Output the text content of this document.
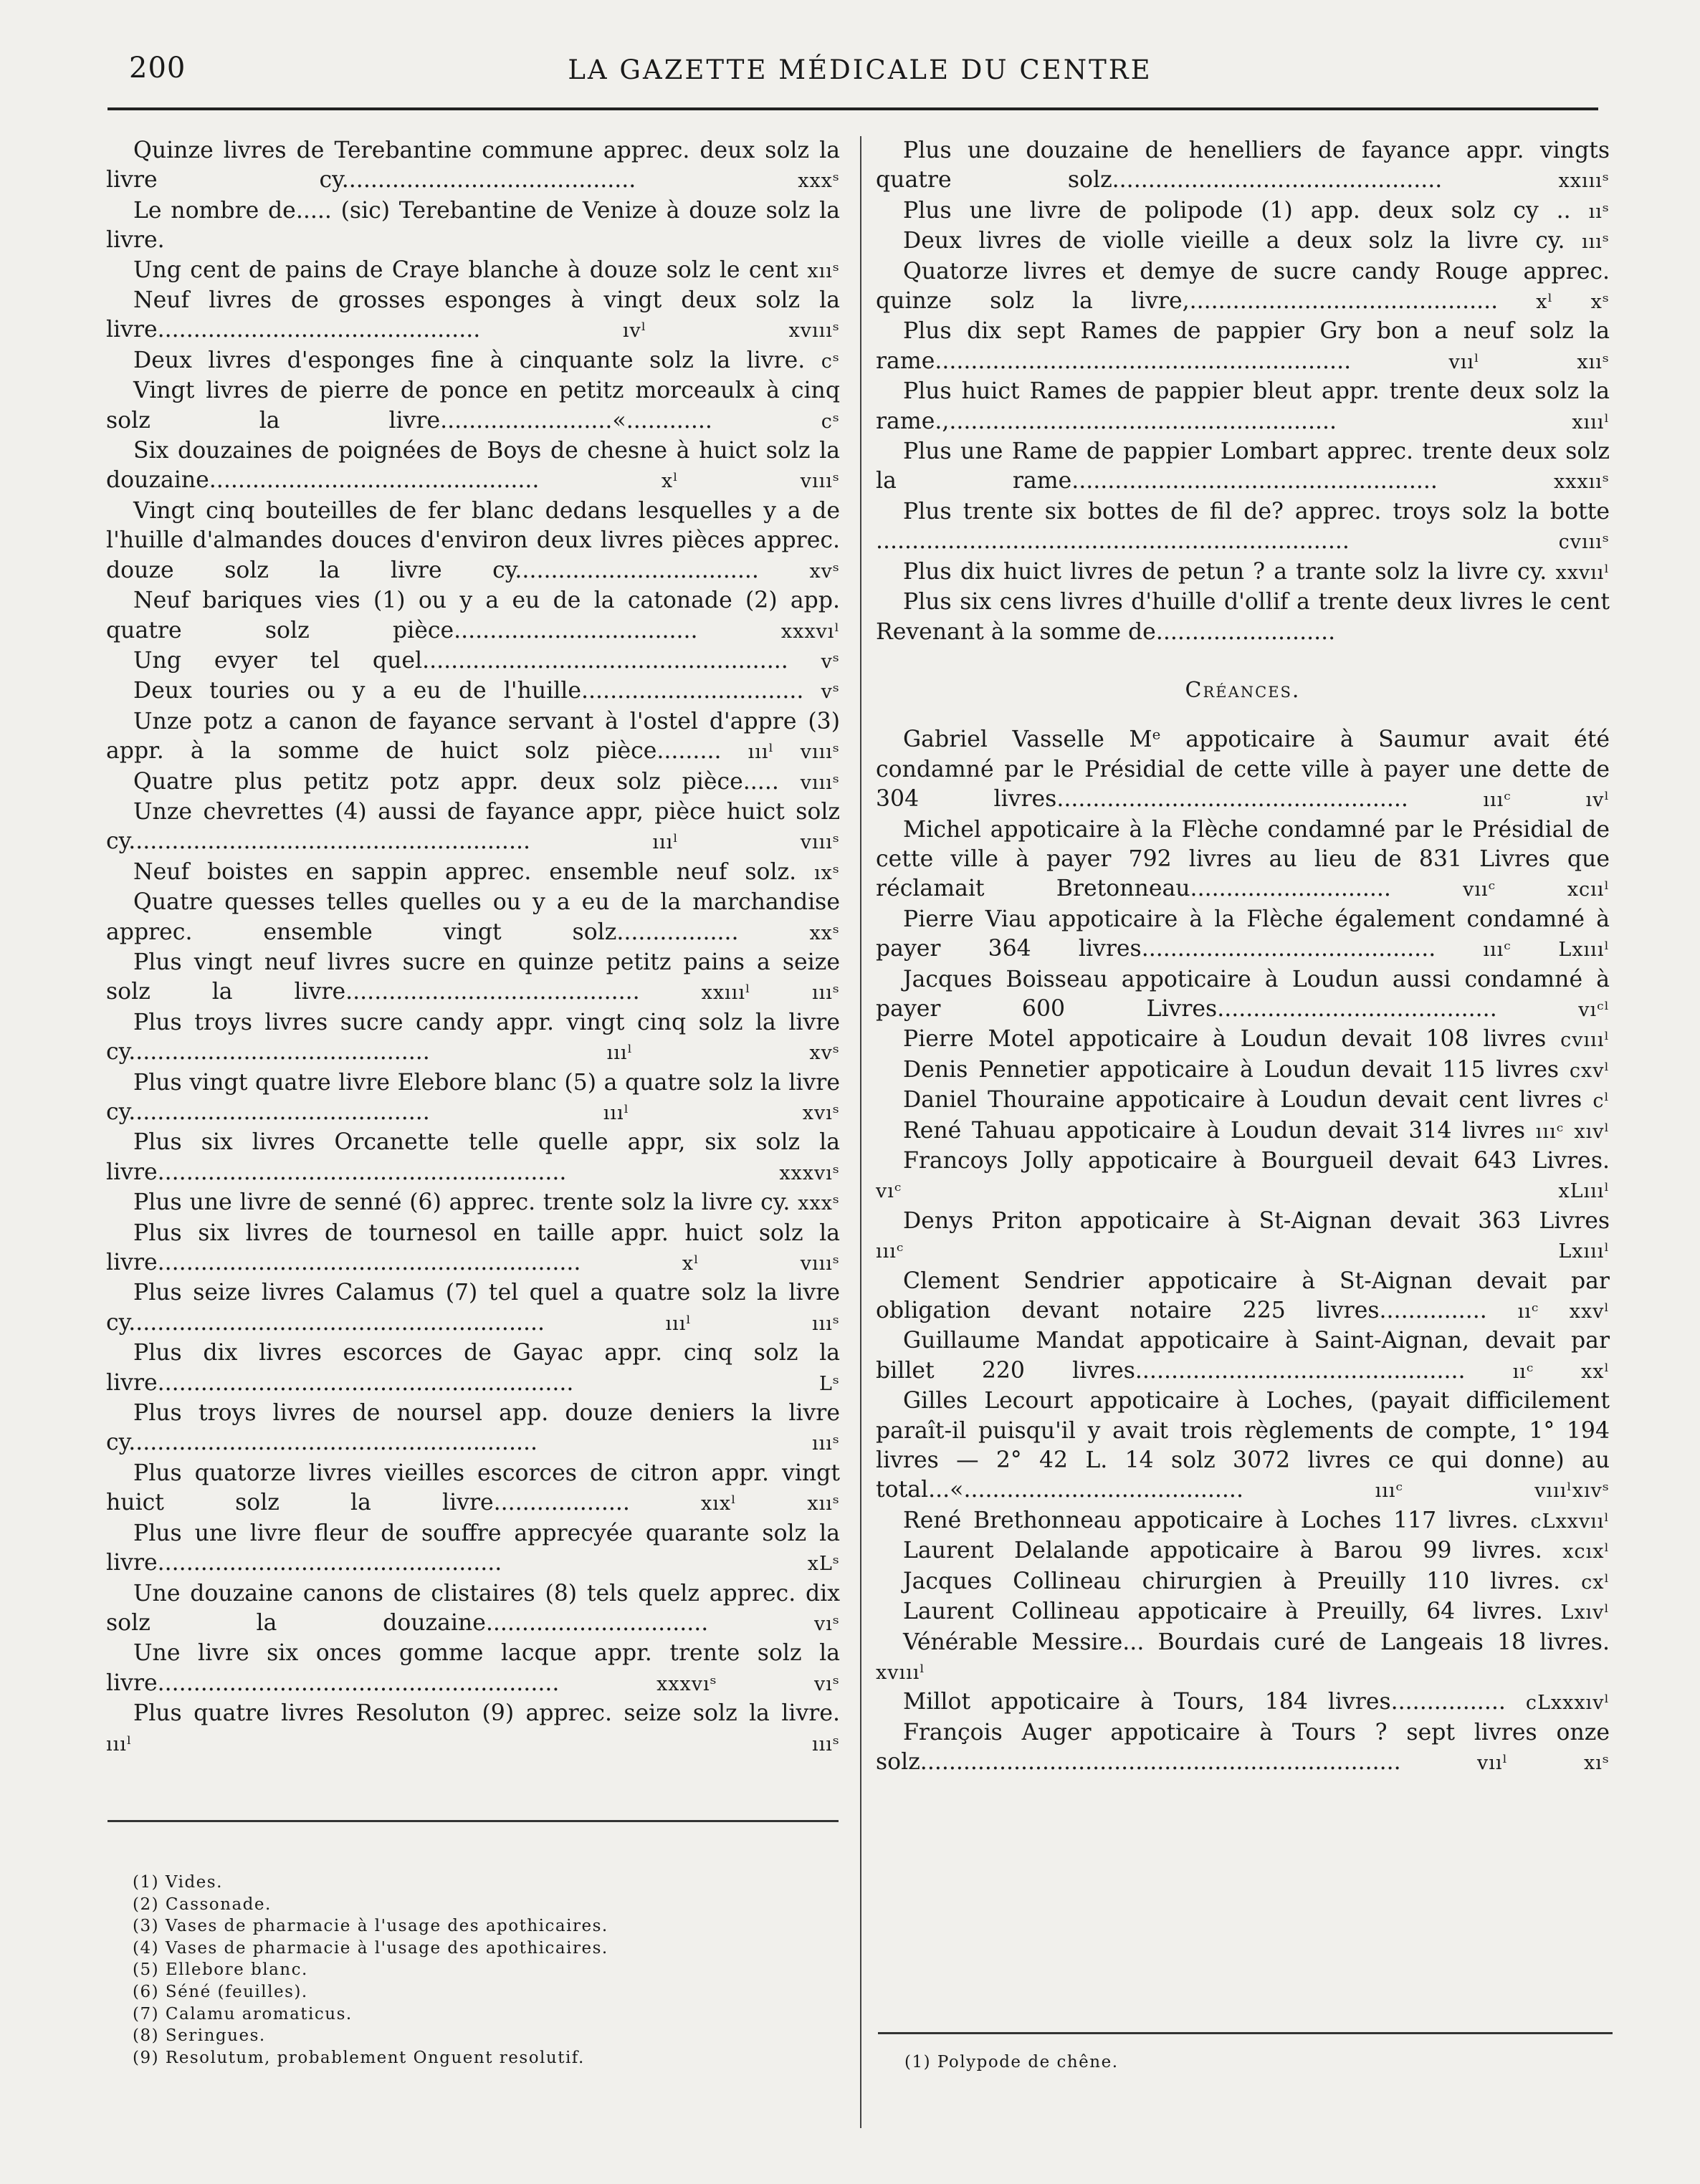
200	LA GAZETTE MÉDICALE DU CENTRE
Quinze livres de Terebantine commune apprec. deux solz la livre cy.........................................	xxxˢ
Le nombre de..... (sic) Terebantine de Venize à douze solz la livre.
Ung cent de pains de Craye blanche à douze solz le cent xııˢ
Neuf livres de grosses esponges à vingt deux solz la livre.............................................	ıvˡ xvıııˢ
Deux livres d'esponges fine à cinquante solz la livre. cˢ
Vingt livres de pierre de ponce en petitz morceaulx à cinq solz la livre........................«............	cˢ
Six douzaines de poignées de Boys de chesne à huict solz la douzaine..............................................	xˡ vıııˢ
Vingt cinq bouteilles de fer blanc dedans lesquelles y a de l'huille d'almandes douces d'environ deux livres pièces apprec. douze solz la livre cy..................................	xvˢ
Neuf bariques vies (1) ou y a eu de la catonade (2) app. quatre solz pièce..................................	xxxvıˡ
Ung evyer tel quel................................................... vˢ
Deux touries ou y a eu de l'huille............................... vˢ
Unze potz a canon de fayance servant à l'ostel d'appre (3) appr. à la somme de huict solz pièce......... ıııˡ vıııˢ
Quatre plus petitz potz appr. deux solz pièce..... vıııˢ
Unze chevrettes (4) aussi de fayance appr, pièce huict solz cy........................................................	ıııˡ vıııˢ
Neuf boistes en sappin apprec. ensemble neuf solz. ıxˢ
Quatre quesses telles quelles ou y a eu de la marchandise apprec. ensemble vingt solz.................	xxˢ
Plus vingt neuf livres sucre en quinze petitz pains a seize solz la livre.........................................	xxıııˡ ıııˢ
Plus troys livres sucre candy appr. vingt cinq solz la livre cy..........................................	ıııˡ xvˢ
Plus vingt quatre livre Elebore blanc (5) a quatre solz la livre cy..........................................	ıııˡ xvıˢ
Plus six livres Orcanette telle quelle appr, six solz la livre.........................................................	xxxvıˢ
Plus une livre de senné (6) apprec. trente solz la livre cy. xxxˢ
Plus six livres de tournesol en taille appr. huict solz la livre...........................................................	xˡ vıııˢ
Plus seize livres Calamus (7) tel quel a quatre solz la livre cy..........................................................	ıııˡ ıııˢ
Plus dix livres escorces de Gayac appr. cinq solz la livre..........................................................	Lˢ
Plus troys livres de noursel app. douze deniers la livre cy.........................................................	ıııˢ
Plus quatorze livres vieilles escorces de citron appr. vingt huict solz la livre...................	xıxˡ xııˢ
Plus une livre fleur de souffre apprecyée quarante solz la livre................................................	xLˢ
Une douzaine canons de clistaires (8) tels quelz apprec. dix solz la douzaine...............................	vıˢ
Une livre six onces gomme lacque appr. trente solz la livre........................................................	xxxvıˢ vıˢ
Plus quatre livres Resoluton (9) apprec. seize solz la livre. ıııˡ ıııˢ
Plus une douzaine de henelliers de fayance appr. vingts quatre solz..............................................	xxıııˢ
Plus une livre de polipode (1) app. deux solz cy .. ııˢ
Deux livres de violle vieille a deux solz la livre cy. ıııˢ
Quatorze livres et demye de sucre candy Rouge apprec. quinze solz la livre,........................................... xˡ xˢ
Plus dix sept Rames de pappier Gry bon a neuf solz la rame..........................................................	vııˡ xııˢ
Plus huict Rames de pappier bleut appr. trente deux solz la rame.,......................................................	xıııˡ
Plus une Rame de pappier Lombart apprec. trente deux solz la rame...................................................	xxxııˢ
Plus trente six bottes de fil de? apprec. troys solz la botte ..................................................................	cvıııˢ
Plus dix huict livres de petun ? a trante solz la livre cy. xxvııˡ
Plus six cens livres d'huille d'ollif a trente deux livres le cent Revenant à la somme de.........................
Créances.
Gabriel Vasselle Mᵉ appoticaire à Saumur avait été condamné par le Présidial de cette ville à payer une dette de 304 livres.................................................	ıııᶜ ıvˡ
Michel appoticaire à la Flèche condamné par le Présidial de cette ville à payer 792 livres au lieu de 831 Livres que réclamait Bretonneau............................	vııᶜ xcııˡ
Pierre Viau appoticaire à la Flèche également condamné à payer 364 livres......................................... ıııᶜ Lxıııˡ
Jacques Boisseau appoticaire à Loudun aussi condamné à payer 600 Livres.......................................	vıᶜˡ
Pierre Motel appoticaire à Loudun devait 108 livres cvıııˡ
Denis Pennetier appoticaire à Loudun devait 115 livres cxvˡ
Daniel Thouraine appoticaire à Loudun devait cent livres cˡ
René Tahuau appoticaire à Loudun devait 314 livres ıııᶜ xıvˡ
Francoys Jolly appoticaire à Bourgueil devait 643 Livres. vıᶜ xLıııˡ
Denys Priton appoticaire à St-Aignan devait 363 Livres ıııᶜ Lxıııˡ
Clement Sendrier appoticaire à St-Aignan devait par obligation devant notaire 225 livres............... ııᶜ xxvˡ
Guillaume Mandat appoticaire à Saint-Aignan, devait par billet 220 livres.............................................. ııᶜ xxˡ
Gilles Lecourt appoticaire à Loches, (payait difficilement paraît-il puisqu'il y avait trois règlements de compte, 1° 194 livres — 2° 42 L. 14 solz 3072 livres ce qui donne) au total...«.......................................	ıııᶜ vıııˡxıvˢ
René Brethonneau appoticaire à Loches 117 livres. cLxxvııˡ
Laurent Delalande appoticaire à Barou 99 livres. xcıxˡ
Jacques Collineau chirurgien à Preuilly 110 livres. cxˡ
Laurent Collineau appoticaire à Preuilly, 64 livres. Lxıvˡ
Vénérable Messire... Bourdais curé de Langeais 18 livres. xvıııˡ
Millot appoticaire à Tours, 184 livres................ cLxxxıvˡ
François Auger appoticaire à Tours ? sept livres onze solz...................................................................	vııˡ xıˢ
(1) Vides.
(2) Cassonade.
(3) Vases de pharmacie à l'usage des apothicaires.
(4) Vases de pharmacie à l'usage des apothicaires.
(5) Ellebore blanc.
(6) Séné (feuilles).
(7) Calamu aromaticus.
(8) Seringues.
(9) Resolutum, probablement Onguent resolutif.	(1) Polypode de chêne.
